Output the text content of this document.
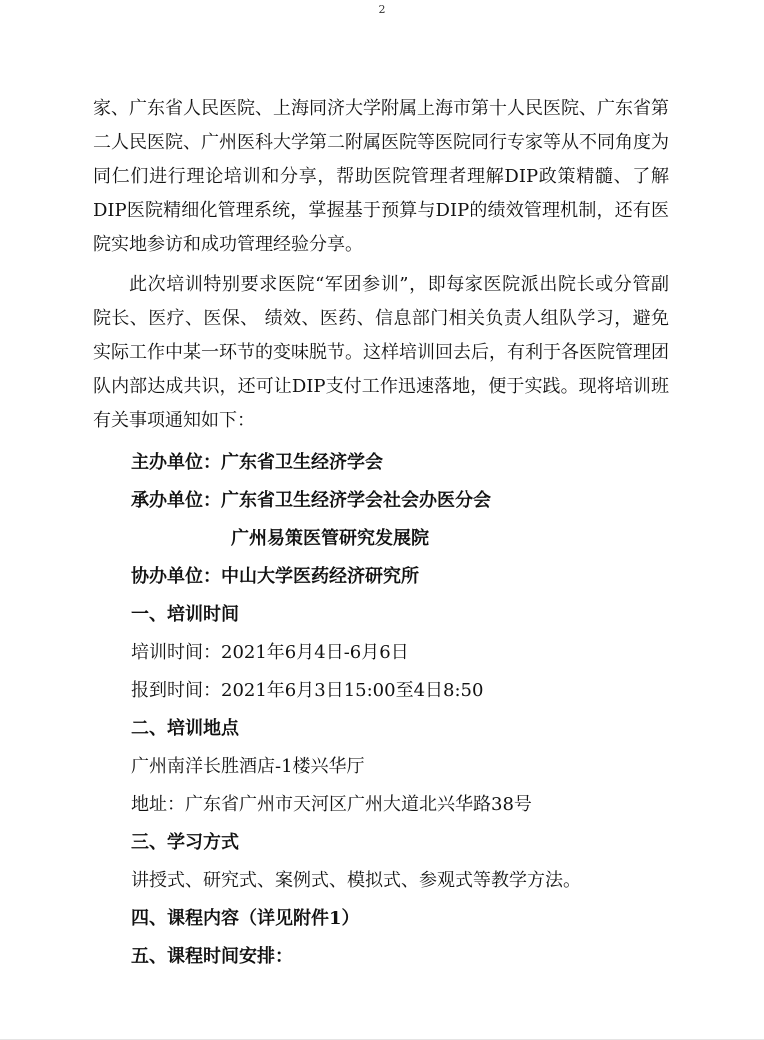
2

家、广东省人民医院、上海同济大学附属上海市第十人民医院、广东省第二人民医院、广州医科大学第二附属医院等医院同行专家等从不同角度为同仁们进行理论培训和分享，帮助医院管理者理解DIP政策精髓、了解DIP医院精细化管理系统，掌握基于预算与DIP的绩效管理机制，还有医院实地参访和成功管理经验分享。

此次培训特别要求医院“军团参训”，即每家医院派出院长或分管副院长、医疗、医保、 绩效、医药、信息部门相关负责人组队学习，避免实际工作中某一环节的变味脱节。这样培训回去后，有利于各医院管理团队内部达成共识，还可让DIP支付工作迅速落地，便于实践。现将培训班有关事项通知如下：

主办单位：广东省卫生经济学会
承办单位：广东省卫生经济学会社会办医分会
广州易策医管研究发展院
协办单位：中山大学医药经济研究所
一、培训时间
培训时间：2021年6月4日-6月6日
报到时间：2021年6月3日15:00至4日8:50
二、培训地点
广州南洋长胜酒店-1楼兴华厅
地址：广东省广州市天河区广州大道北兴华路38号
三、学习方式
讲授式、研究式、案例式、模拟式、参观式等教学方法。
四、课程内容（详见附件1）
五、课程时间安排：
